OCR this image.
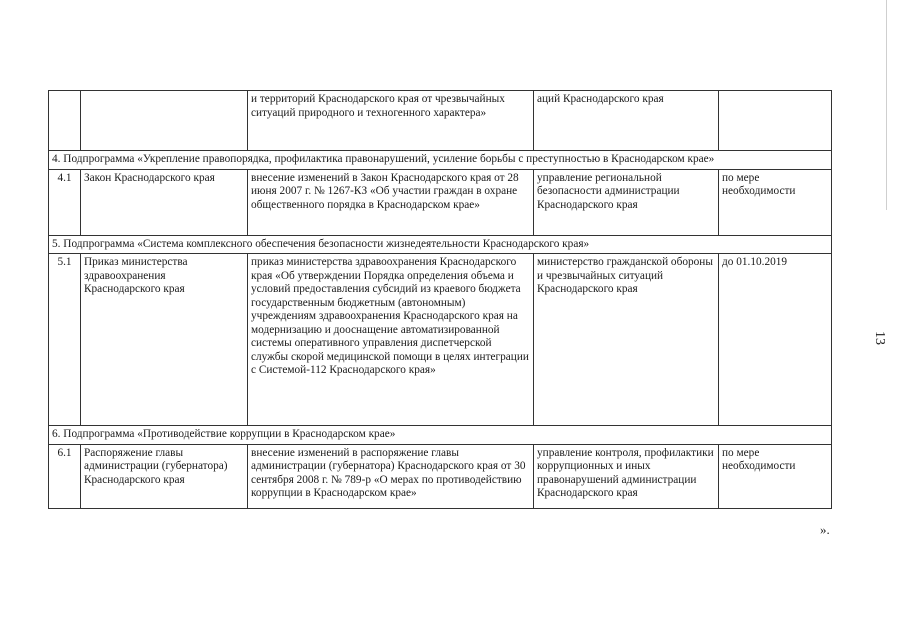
13
		и территорий Краснодарского края от чрезвычайных ситуаций природного и техногенного характера»	аций Краснодарского края	
4. Подпрограмма «Укрепление правопорядка, профилактика правонарушений, усиление борьбы с преступностью в Краснодарском крае»				
4.1	Закон Краснодарского края	внесение изменений в Закон Краснодарского края от 28 июня 2007 г. № 1267-КЗ «Об участии граждан в охране общественного порядка в Краснодарском крае»	управление региональной безопасности администрации Краснодарского края	по мере необходимости
5. Подпрограмма «Система комплексного обеспечения безопасности жизнедеятельности Краснодарского края»				
5.1	Приказ министерства здравоохранения Краснодарского края	приказ министерства здравоохранения Краснодарского края «Об утверждении Порядка определения объема и условий предоставления субсидий из краевого бюджета государственным бюджетным (автономным) учреждениям здравоохранения Краснодарского края на модернизацию и дооснащение автоматизированной системы оперативного управления диспетчерской службы скорой медицинской помощи в целях интеграции с Системой-112 Краснодарского края»	министерство гражданской обороны и чрезвычайных ситуаций Краснодарского края	до 01.10.2019
6. Подпрограмма «Противодействие коррупции в Краснодарском крае»				
6.1	Распоряжение главы администрации (губернатора) Краснодарского края	внесение изменений в распоряжение главы администрации (губернатора) Краснодарского края от 30 сентября 2008 г. № 789-р «О мерах по противодействию коррупции в Краснодарском крае»	управление контроля, профилактики коррупционных и иных правонарушений администрации Краснодарского края	по мере необходимости
».
